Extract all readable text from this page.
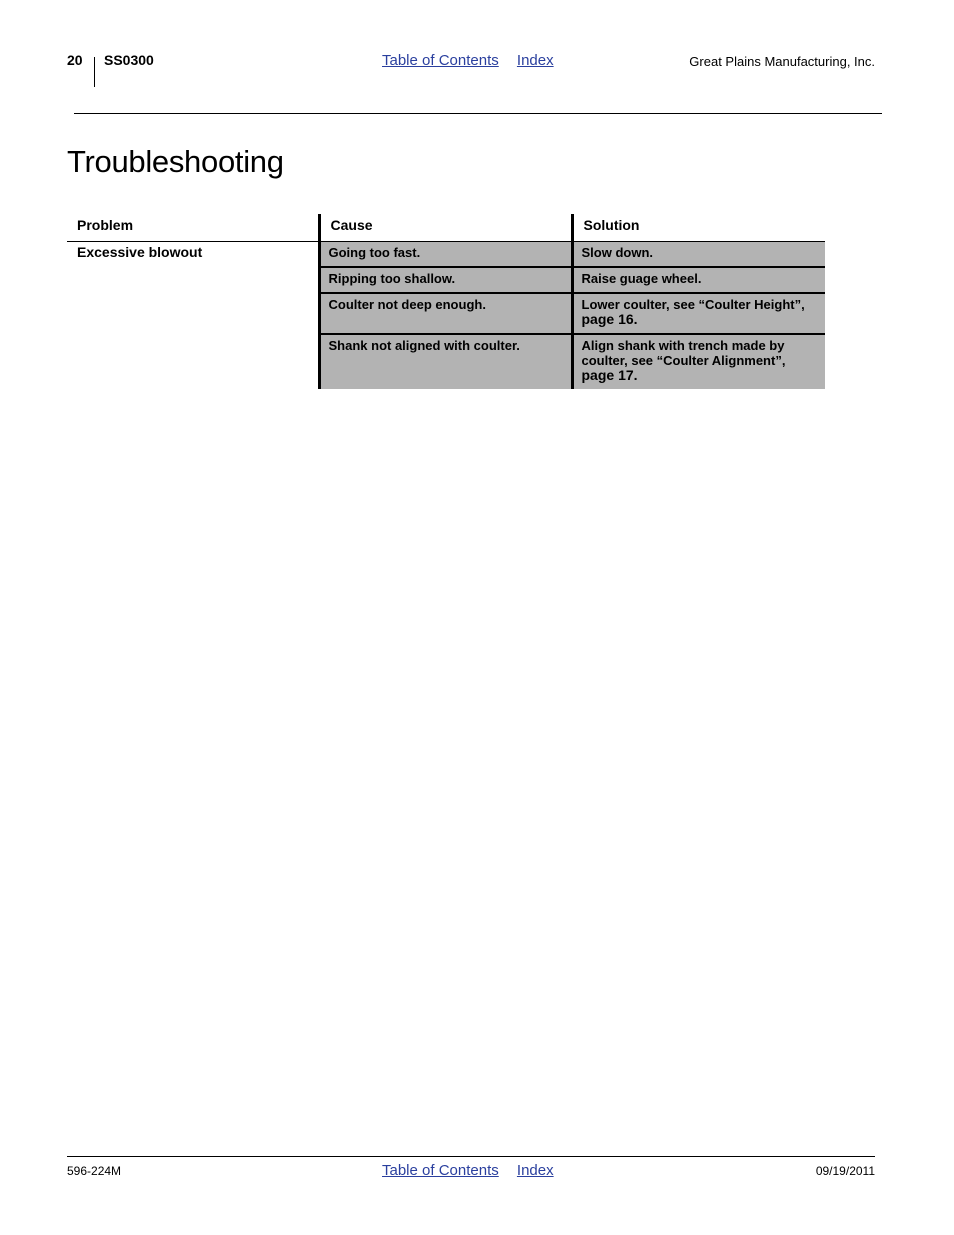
20 SS0300	Table of Contents Index	Great Plains Manufacturing, Inc.
Troubleshooting
Problem	Cause	Solution
Excessive blowout	Going too fast.	Slow down.
	Ripping too shallow.	Raise guage wheel.
	Coulter not deep enough.	Lower coulter, see “Coulter Height”, page 16.
	Shank not aligned with coulter.	Align shank with trench made by coulter, see “Coulter Alignment”, page 17.
596-224M	Table of Contents Index	09/19/2011
